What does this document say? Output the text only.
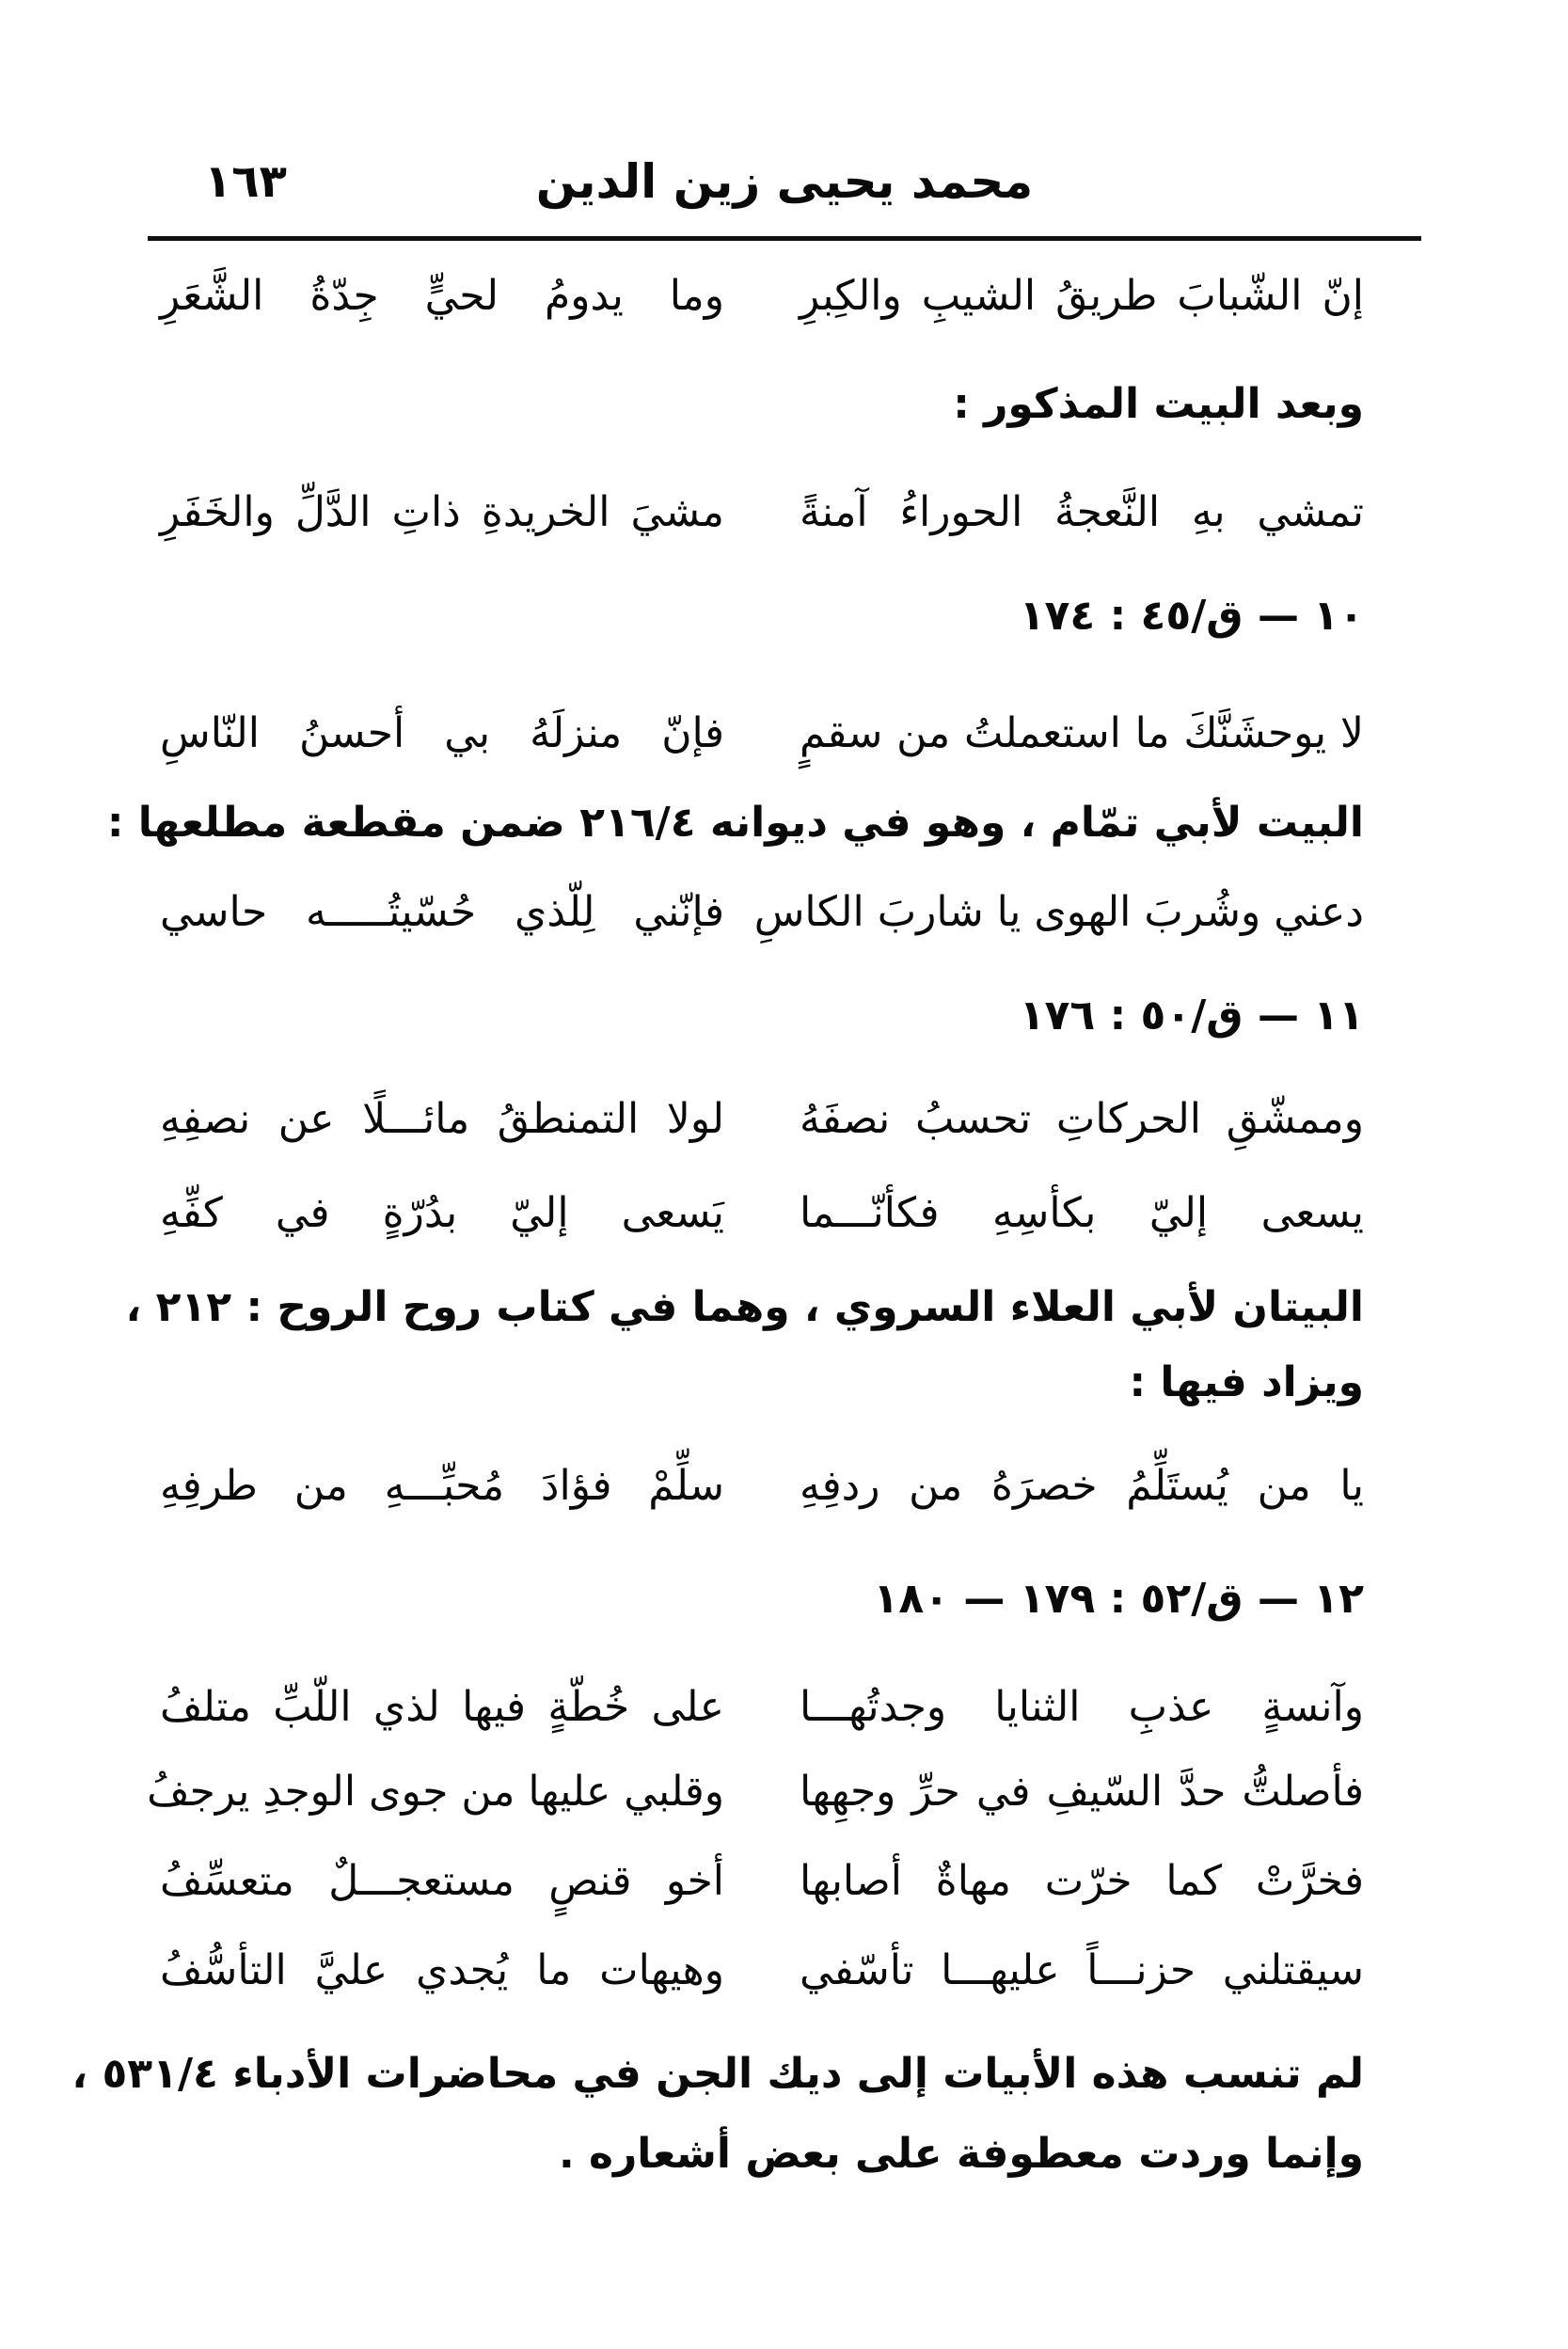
محمد يحيى زين الدين
١٦٣
إنّ الشّبابَ طريقُ الشيبِ والكِبرِ
وما يدومُ لحيٍّ جِدّةُ الشَّعَرِ
وبعد البيت المذكور :
تمشي بهِ النَّعجةُ الحوراءُ آمنةً
مشيَ الخريدةِ ذاتِ الدَّلِّ والخَفَرِ
١٠ — ق/٤٥ : ١٧٤
لا يوحشَنَّكَ ما استعملتُ من سقمٍ
فإنّ منزلَهُ بي أحسنُ النّاسِ
البيت لأبي تمّام ، وهو في ديوانه ٢١٦/٤ ضمن مقطعة مطلعها :
دعني وشُربَ الهوى يا شاربَ الكاسِ
فإنّني لِلّذي حُسّيتُـــــه حاسي
١١ — ق/٥٠ : ١٧٦
وممشّقِ الحركاتِ تحسبُ نصفَهُ
لولا التمنطقُ مائـــلًا عن نصفِهِ
يسعى إليّ بكأسِهِ فكأنّـــما
يَسعى إليّ بدُرّةٍ في كفِّهِ
البيتان لأبي العلاء السروي ، وهما في كتاب روح الروح : ٢١٢ ،
ويزاد فيها :
يا من يُستَلِّمُ خصرَهُ من ردفِهِ
سلِّمْ فؤادَ مُحبِّـــهِ من طرفِهِ
١٢ — ق/٥٢ : ١٧٩ — ١٨٠
وآنسةٍ عذبِ الثنايا وجدتُهـــا
على خُطّةٍ فيها لذي اللّبِّ متلفُ
فأصلتُّ حدَّ السّيفِ في حرِّ وجهِها
وقلبي عليها من جوى الوجدِ يرجفُ
فخرَّتْ كما خرّت مهاةٌ أصابها
أخو قنصٍ مستعجـــلٌ متعسِّفُ
سيقتلني حزنـــاً عليهـــا تأسّفي
وهيهات ما يُجدي عليَّ التأسُّفُ
لم تنسب هذه الأبيات إلى ديك الجن في محاضرات الأدباء ٥٣١/٤ ،
وإنما وردت معطوفة على بعض أشعاره .
